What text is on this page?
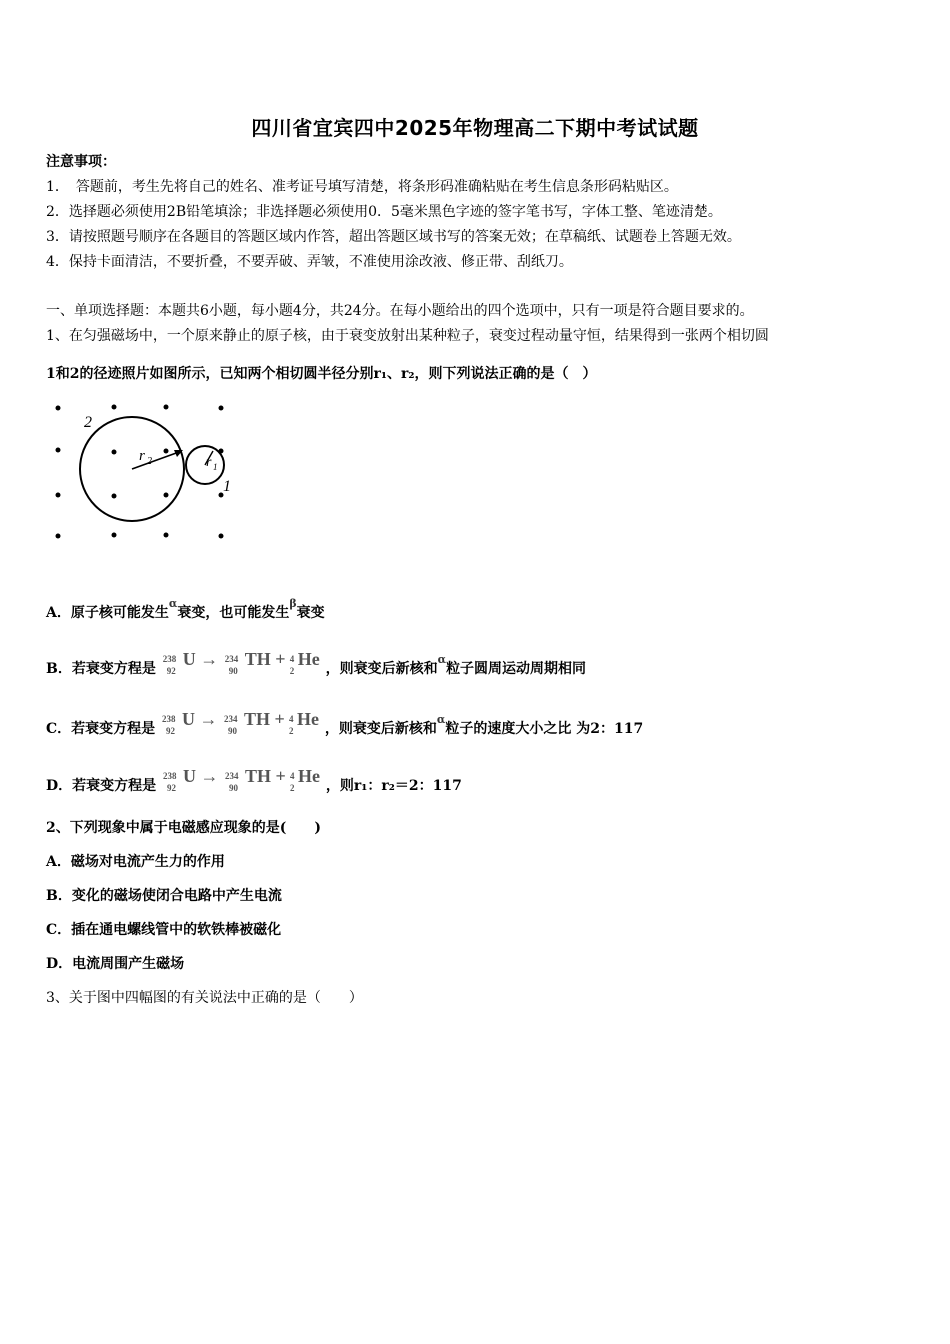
四川省宜宾四中2025年物理高二下期中考试试题
注意事项：
1．　答题前，考生先将自己的姓名、准考证号填写清楚，将条形码准确粘贴在考生信息条形码粘贴区。
2．选择题必须使用2B铅笔填涂；非选择题必须使用0．5毫米黑色字迹的签字笔书写，字体工整、笔迹清楚。
3．请按照题号顺序在各题目的答题区域内作答，超出答题区域书写的答案无效；在草稿纸、试题卷上答题无效。
4．保持卡面清洁，不要折叠，不要弄破、弄皱，不准使用涂改液、修正带、刮纸刀。
一、单项选择题：本题共6小题，每小题4分，共24分。在每小题给出的四个选项中，只有一项是符合题目要求的。
1、在匀强磁场中，一个原来静止的原子核，由于衰变放射出某种粒子，衰变过程动量守恒，结果得到一张两个相切圆
1和2的径迹照片如图所示，已知两个相切圆半径分别r₁、r₂，则下列说法正确的是（　）
2
1
r 2	r 1
A．原子核可能发生$^\alpha$衰变，也可能发生$^\beta$衰变
B．若衰变方程是
238
92
U → 234
90
TH + 4
2
He ，则衰变后新核和$^\alpha$粒子圆周运动周期相同
C．若衰变方程是
238
92
U → 234
90
TH + 4
2
He ，则衰变后新核和$^\alpha$粒子的速度大小之比 为2：117
D．若衰变方程是
238
92
U → 234
90
TH + 4
2
He ，则r₁：r₂＝2：117
2、下列现象中属于电磁感应现象的是(　　)
A．磁场对电流产生力的作用
B．变化的磁场使闭合电路中产生电流
C．插在通电螺线管中的软铁棒被磁化
D．电流周围产生磁场
3、关于图中四幅图的有关说法中正确的是（　　）
